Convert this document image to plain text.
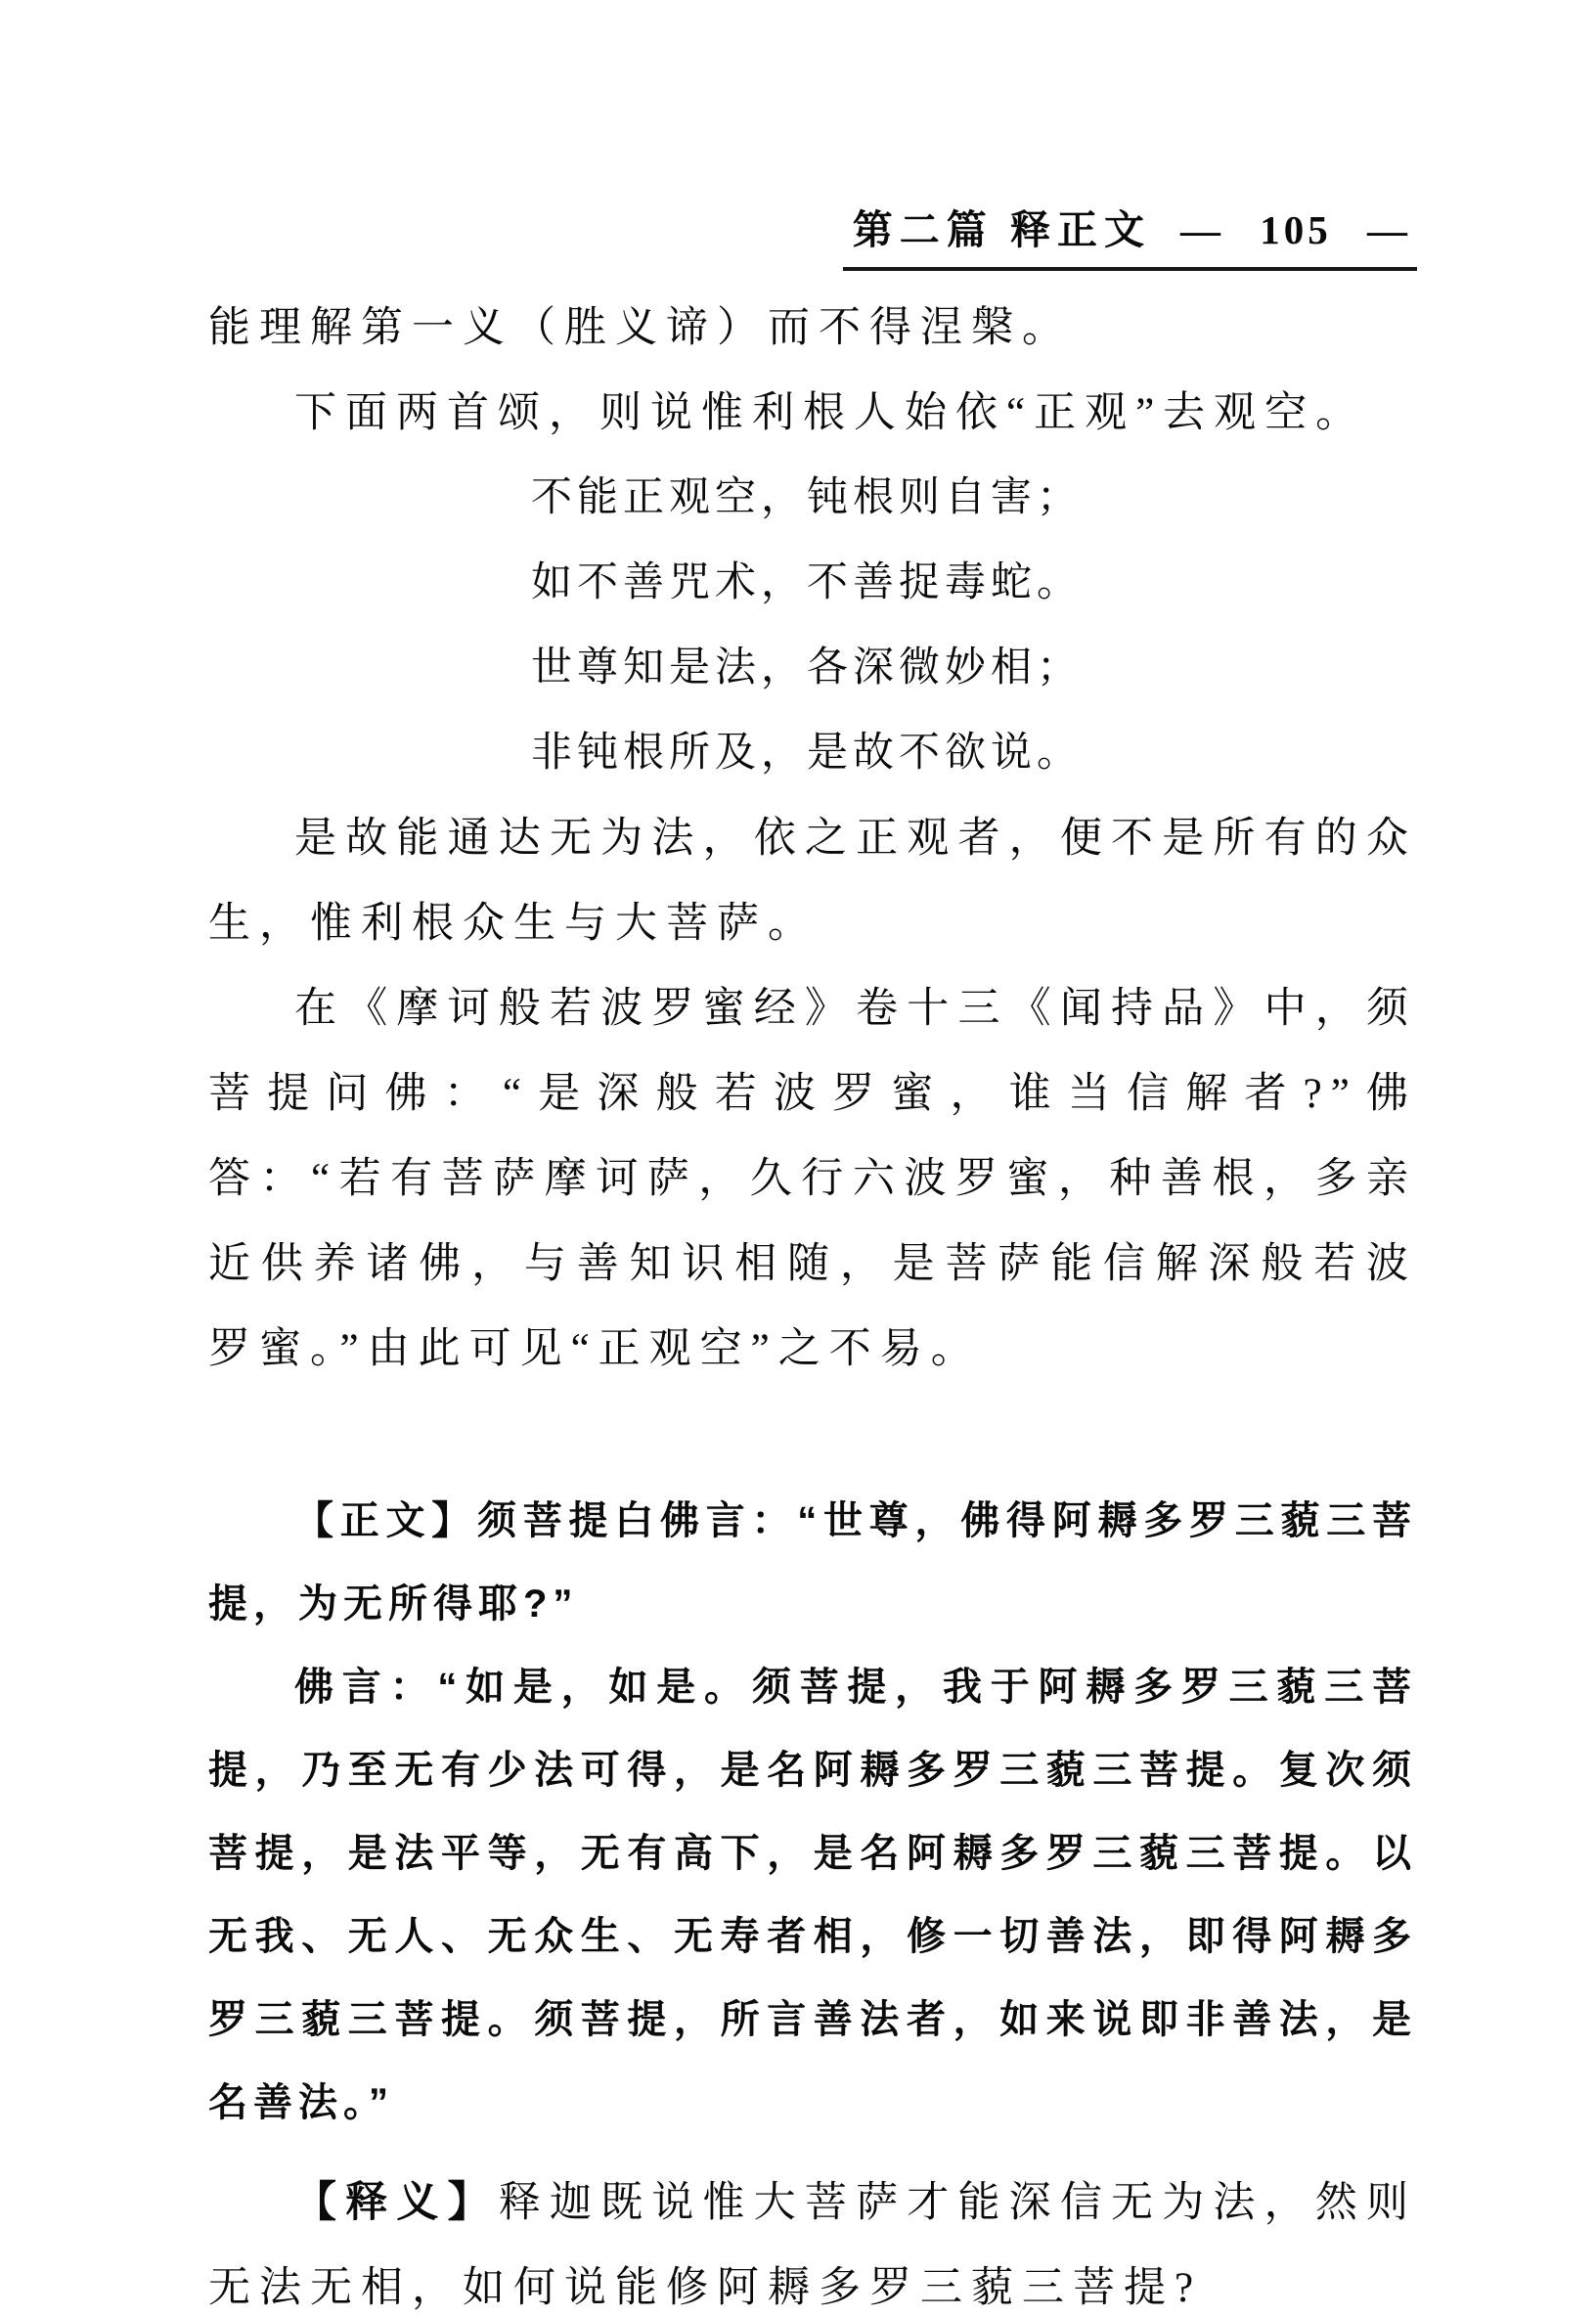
第二篇 释正文 — 105 —

能理解第一义（胜义谛）而不得涅槃。

下面两首颂，则说惟利根人始依“正观”去观空。

不能正观空，钝根则自害；

如不善咒术，不善捉毒蛇。

世尊知是法，各深微妙相；

非钝根所及，是故不欲说。

是故能通达无为法，依之正观者，便不是所有的众生，惟利根众生与大菩萨。

在《摩诃般若波罗蜜经》卷十三《闻持品》中，须菩提问佛：“是深般若波罗蜜，谁当信解者?”佛答：“若有菩萨摩诃萨，久行六波罗蜜，种善根，多亲近供养诸佛，与善知识相随，是菩萨能信解深般若波罗蜜。”由此可见“正观空”之不易。

【正文】须菩提白佛言：“世尊，佛得阿耨多罗三藐三菩提，为无所得耶?”

佛言：“如是，如是。须菩提，我于阿耨多罗三藐三菩提，乃至无有少法可得，是名阿耨多罗三藐三菩提。复次须菩提，是法平等，无有高下，是名阿耨多罗三藐三菩提。以无我、无人、无众生、无寿者相，修一切善法，即得阿耨多罗三藐三菩提。须菩提，所言善法者，如来说即非善法，是名善法。”

【释义】释迦既说惟大菩萨才能深信无为法，然则无法无相，如何说能修阿耨多罗三藐三菩提?
